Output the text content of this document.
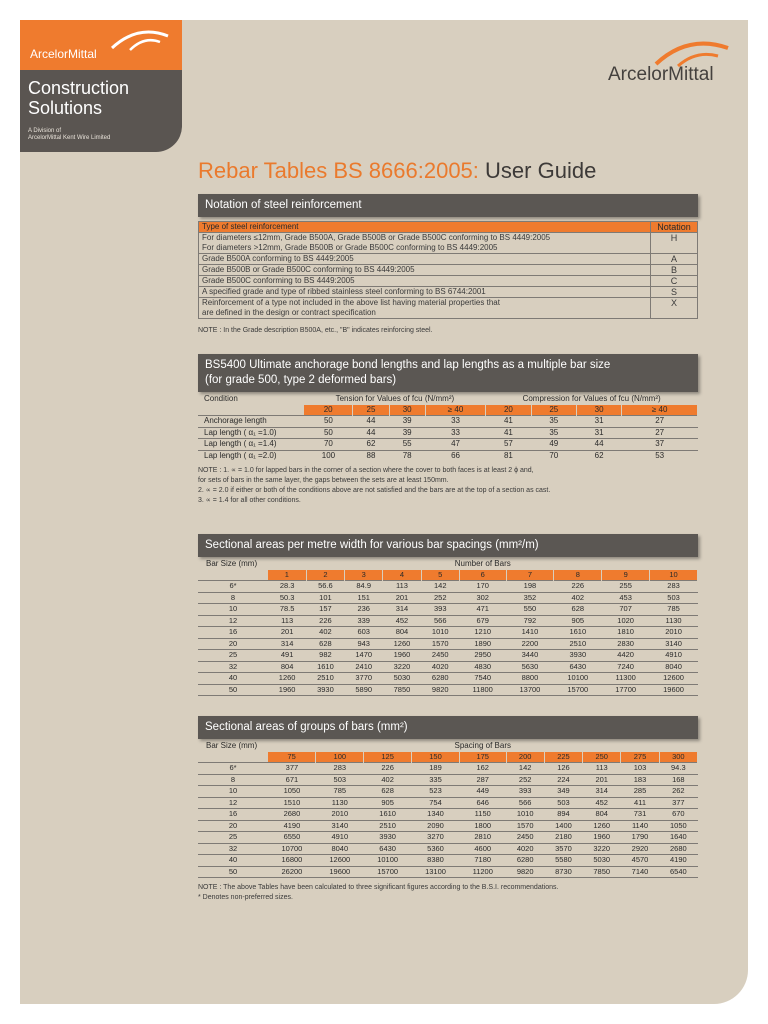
ArcelorMittal
Construction
Solutions
A Division of
ArcelorMittal Kent Wire Limited
ArcelorMittal
Rebar Tables BS 8666:2005: User Guide
Notation of steel reinforcement
Type of steel reinforcement	Notation

For diameters ≤12mm, Grade B500A, Grade B500B or Grade B500C conforming to BS 4449:2005
For diameters >12mm, Grade B500B or Grade B500C conforming to BS 4449:2005	H
Grade B500A conforming to BS 4449:2005	A
Grade B500B or Grade B500C conforming to BS 4449:2005	B
Grade B500C conforming to BS 4449:2005	C
A specified grade and type of ribbed stainless steel conforming to BS 6744:2001	S

Reinforcement of a type not included in the above list having material properties that
are defined in the design or contract specification	X
NOTE : In the Grade description B500A, etc., "B" indicates reinforcing steel.
BS5400 Ultimate anchorage bond lengths and lap lengths as a multiple bar size
(for grade 500, type 2 deformed bars)
Condition	Tension for Values of fcu (N/mm²)				Compression for Values of fcu (N/mm²)			
	20	25	30	≥ 40	20	25	30	≥ 40
Anchorage length	50	44	39	33	41	35	31	27
Lap length ( α₁ =1.0)	50	44	39	33	41	35	31	27
Lap length ( α₁ =1.4)	70	62	55	47	57	49	44	37
Lap length ( α₁ =2.0)	100	88	78	66	81	70	62	53
NOTE : 1. ∝ = 1.0 for lapped bars in the corner of a section where the cover to both faces is at least 2 ϕ and,
for sets of bars in the same layer, the gaps between the sets are at least 150mm.
2. ∝ = 2.0 if either or both of the conditions above are not satisfied and the bars are at the top of a section as cast.
3. ∝ = 1.4 for all other conditions.
Sectional areas per metre width for various bar spacings (mm²/m)
Bar Size (mm)	Number of Bars									
	1	2	3	4	5	6	7	8	9	10
6*	28.3	56.6	84.9	113	142	170	198	226	255	283
8	50.3	101	151	201	252	302	352	402	453	503
10	78.5	157	236	314	393	471	550	628	707	785
12	113	226	339	452	566	679	792	905	1020	1130
16	201	402	603	804	1010	1210	1410	1610	1810	2010
20	314	628	943	1260	1570	1890	2200	2510	2830	3140
25	491	982	1470	1960	2450	2950	3440	3930	4420	4910
32	804	1610	2410	3220	4020	4830	5630	6430	7240	8040
40	1260	2510	3770	5030	6280	7540	8800	10100	11300	12600
50	1960	3930	5890	7850	9820	11800	13700	15700	17700	19600
Sectional areas of groups of bars (mm²)
Bar Size (mm)	Spacing of Bars									
	75	100	125	150	175	200	225	250	275	300
6*	377	283	226	189	162	142	126	113	103	94.3
8	671	503	402	335	287	252	224	201	183	168
10	1050	785	628	523	449	393	349	314	285	262
12	1510	1130	905	754	646	566	503	452	411	377
16	2680	2010	1610	1340	1150	1010	894	804	731	670
20	4190	3140	2510	2090	1800	1570	1400	1260	1140	1050
25	6550	4910	3930	3270	2810	2450	2180	1960	1790	1640
32	10700	8040	6430	5360	4600	4020	3570	3220	2920	2680
40	16800	12600	10100	8380	7180	6280	5580	5030	4570	4190
50	26200	19600	15700	13100	11200	9820	8730	7850	7140	6540
NOTE : The above Tables have been calculated to three significant figures according to the B.S.I. recommendations.
* Denotes non-preferred sizes.
